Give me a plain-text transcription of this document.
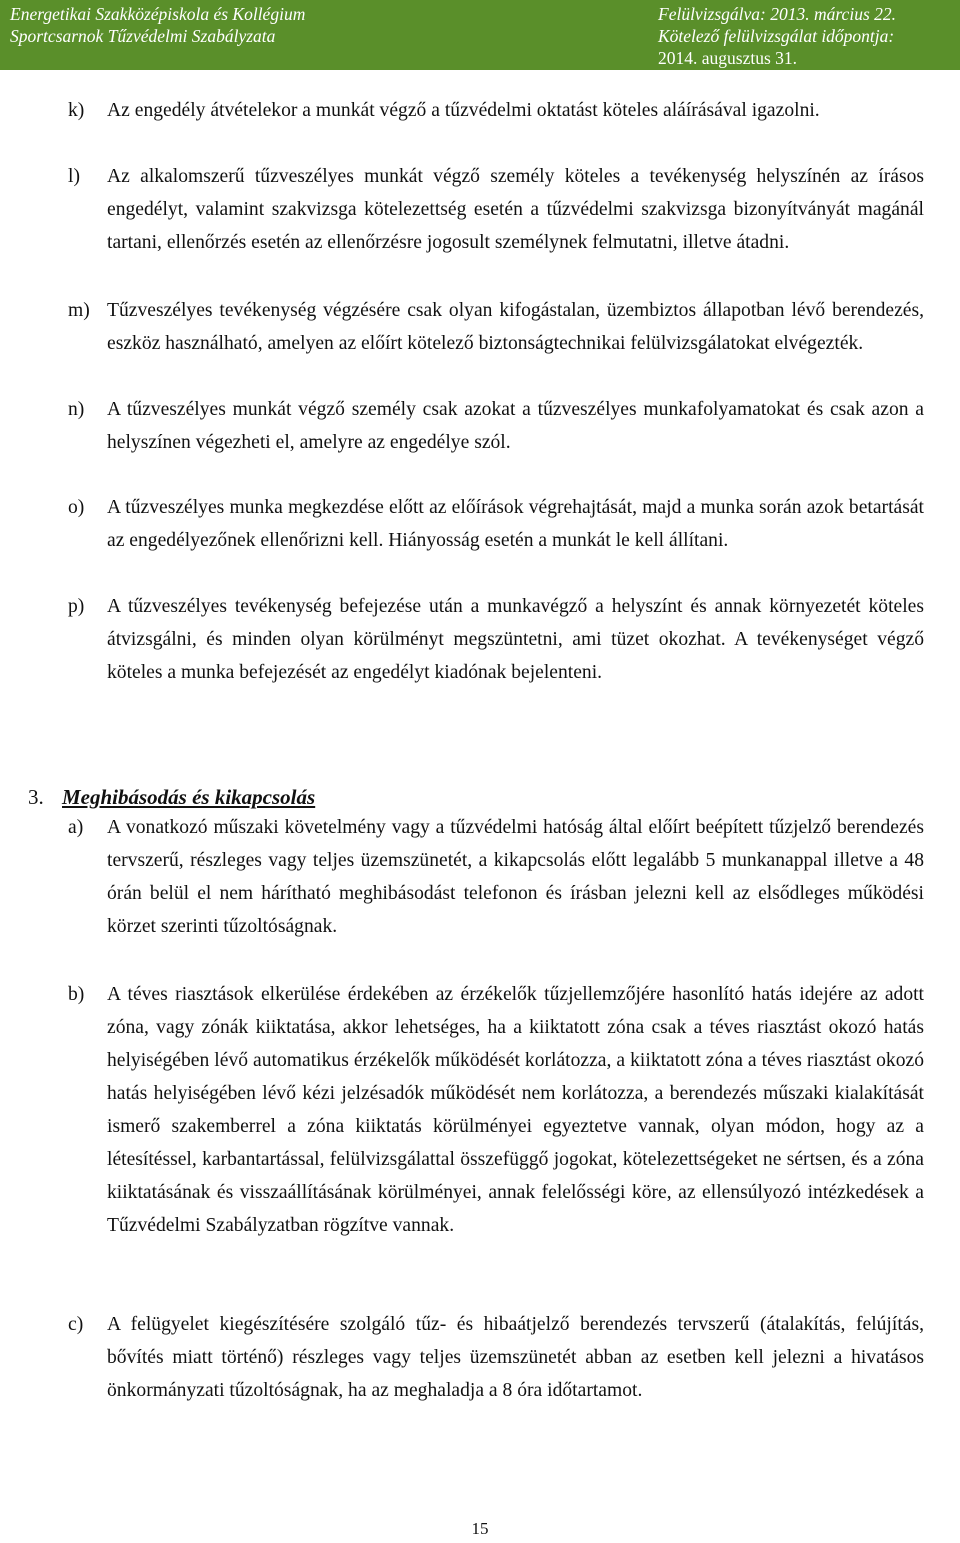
Energetikai Szakközépiskola és Kollégium
Sportcsarnok Tűzvédelmi Szabályzata
Felülvizsgálva: 2013. március 22.
Kötelező felülvizsgálat időpontja:
2014. augusztus 31.
k)	Az engedély átvételekor a munkát végző a tűzvédelmi oktatást köteles aláírásával igazolni.
l)	Az alkalomszerű tűzveszélyes munkát végző személy köteles a tevékenység helyszínén az írásos engedélyt, valamint szakvizsga kötelezettség esetén a tűzvédelmi szakvizsga bizonyítványát magánál tartani, ellenőrzés esetén az ellenőrzésre jogosult személynek felmutatni, illetve átadni.
m) Tűzveszélyes tevékenység végzésére csak olyan kifogástalan, üzembiztos állapotban lévő berendezés, eszköz használható, amelyen az előírt kötelező biztonságtechnikai felülvizsgálatokat elvégezték.
n)	A tűzveszélyes munkát végző személy csak azokat a tűzveszélyes munkafolyamatokat és csak azon a helyszínen végezheti el, amelyre az engedélye szól.
o)	A tűzveszélyes munka megkezdése előtt az előírások végrehajtását, majd a munka során azok betartását az engedélyezőnek ellenőrizni kell. Hiányosság esetén a munkát le kell állítani.
p)	A tűzveszélyes tevékenység befejezése után a munkavégző a helyszínt és annak környezetét köteles átvizsgálni, és minden olyan körülményt megszüntetni, ami tüzet okozhat. A tevékenységet végző köteles a munka befejezését az engedélyt kiadónak bejelenteni.
3. Meghibásodás és kikapcsolás
a)	A vonatkozó műszaki követelmény vagy a tűzvédelmi hatóság által előírt beépített tűzjelző berendezés tervszerű, részleges vagy teljes üzemszünetét, a kikapcsolás előtt legalább 5 munkanappal illetve a 48 órán belül el nem hárítható meghibásodást telefonon és írásban jelezni kell az elsődleges működési körzet szerinti tűzoltóságnak.
b)	A téves riasztások elkerülése érdekében az érzékelők tűzjellemzőjére hasonlító hatás idejére az adott zóna, vagy zónák kiiktatása, akkor lehetséges, ha a kiiktatott zóna csak a téves riasztást okozó hatás helyiségében lévő automatikus érzékelők működését korlátozza, a kiiktatott zóna a téves riasztást okozó hatás helyiségében lévő kézi jelzésadók működését nem korlátozza, a berendezés műszaki kialakítását ismerő szakemberrel a zóna kiiktatás körülményei egyeztetve vannak, olyan módon, hogy az a létesítéssel, karbantartással, felülvizsgálattal összefüggő jogokat, kötelezettségeket ne sértsen, és a zóna kiiktatásának és visszaállításának körülményei, annak felelősségi köre, az ellensúlyozó intézkedések a Tűzvédelmi Szabályzatban rögzítve vannak.
c)	A felügyelet kiegészítésére szolgáló tűz- és hibaátjelző berendezés tervszerű (átalakítás, felújítás, bővítés miatt történő) részleges vagy teljes üzemszünetét abban az esetben kell jelezni a hivatásos önkormányzati tűzoltóságnak, ha az meghaladja a 8 óra időtartamot.
15
